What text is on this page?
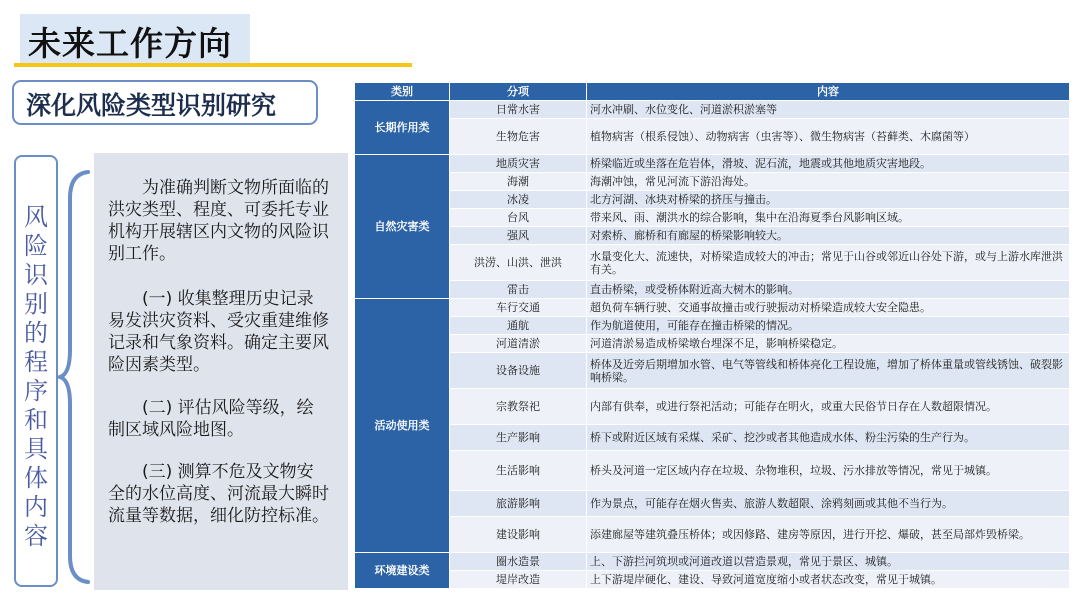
未来工作方向
深化风险类型识别研究
风险识别的程序和具体内容
　　为准确判断文物所面临的洪灾类型、程度、可委托专业机构开展辖区内文物的风险识别工作。
　　(一) 收集整理历史记录易发洪灾资料、受灾重建维修记录和气象资料。确定主要风险因素类型。
　　(二) 评估风险等级，绘制区域风险地图。
　　(三) 测算不危及文物安全的水位高度、河流最大瞬时流量等数据，细化防控标准。
类别	分项	内容
长期作用类	日常水害	河水冲刷、水位变化、河道淤积淤塞等
	生物危害	植物病害（根系侵蚀）、动物病害（虫害等）、微生物病害（苔藓类、木腐菌等）
自然灾害类	地质灾害	桥梁临近或坐落在危岩体，滑坡、泥石流，地震或其他地质灾害地段。
	海潮	海潮冲蚀，常见河流下游沿海处。
	冰凌	北方河湖、冰块对桥梁的挤压与撞击。
	台风	带来风、雨、潮洪水的综合影响，集中在沿海夏季台风影响区域。
	强风	对索桥、廊桥和有廊屋的桥梁影响较大。
	洪涝、山洪、泄洪	水量变化大、流速快，对桥梁造成较大的冲击；常见于山谷或邻近山谷处下游，或与上游水库泄洪有关。
	雷击	直击桥梁，或受桥体附近高大树木的影响。
活动使用类	车行交通	超负荷车辆行驶、交通事故撞击或行驶振动对桥梁造成较大安全隐患。
	通航	作为航道使用，可能存在撞击桥梁的情况。
	河道清淤	河道清淤易造成桥梁墩台埋深不足，影响桥梁稳定。
	设备设施	桥体及近旁后期增加水管、电气等管线和桥体亮化工程设施，增加了桥体重量或管线锈蚀、破裂影响桥梁。
	宗教祭祀	内部有供奉，或进行祭祀活动；可能存在明火，或重大民俗节日存在人数超限情况。
	生产影响	桥下或附近区域有采煤、采矿、挖沙或者其他造成水体、粉尘污染的生产行为。
	生活影响	桥头及河道一定区域内存在垃圾、杂物堆积，垃圾、污水排放等情况，常见于城镇。
	旅游影响	作为景点，可能存在烟火售卖、旅游人数超限、涂鸦刻画或其他不当行为。
	建设影响	添建廊屋等建筑叠压桥体；或因修路、建房等原因，进行开挖、爆破，甚至局部炸毁桥梁。
环境建设类	圈水造景	上、下游拦河筑坝或河道改道以营造景观，常见于景区、城镇。
	堤岸改造	上下游堤岸硬化、建设、导致河道宽度缩小或者状态改变，常见于城镇。
